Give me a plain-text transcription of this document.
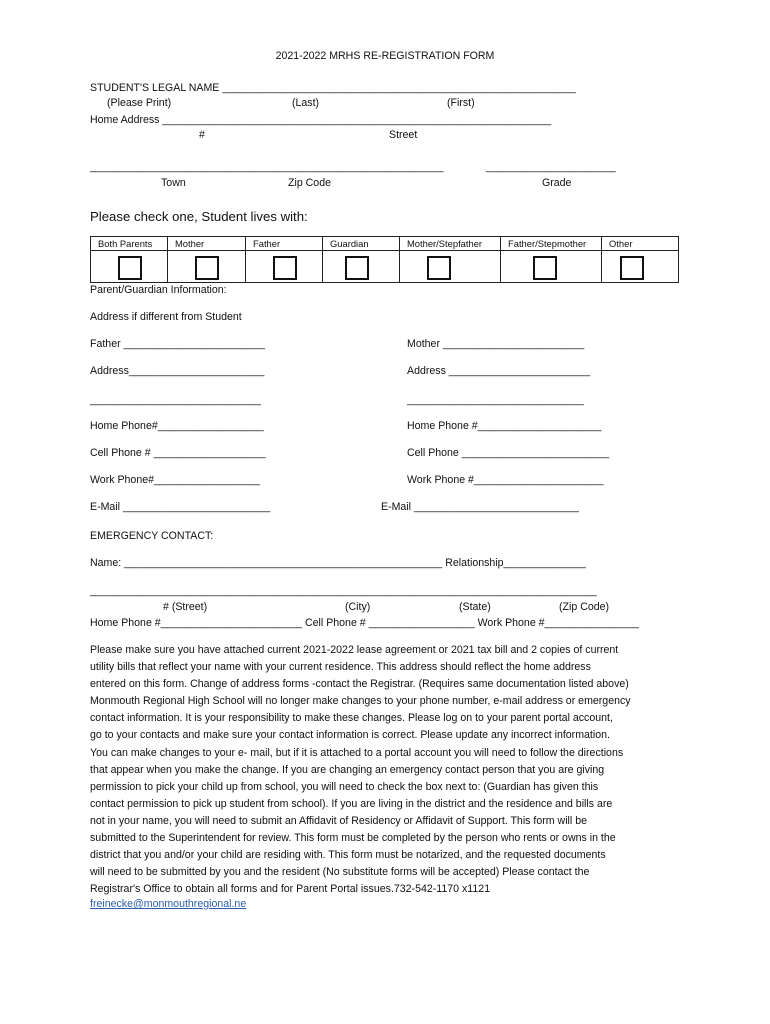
2021-2022 MRHS RE-REGISTRATION FORM
STUDENT'S LEGAL NAME ____________________________________________________________
(Please Print)	(Last)	(First)
Home Address __________________________________________________________________
#	Street
____________________________________________________________	______________________
Town	Zip Code	Grade
Please check one, Student lives with:
Both Parents	Mother	Father	Guardian	Mother/Stepfather	Father/Stepmother	Other

Parent/Guardian Information:
Address if different from Student
Father ________________________	Mother ________________________
Address_______________________	Address ________________________
_____________________________	______________________________
Home Phone#__________________	Home Phone #_____________________
Cell Phone # ___________________	Cell Phone _________________________
Work Phone#__________________	Work Phone #______________________
E-Mail _________________________	E-Mail ____________________________
EMERGENCY CONTACT:
Name: ______________________________________________________ Relationship______________
______________________________________________________________________________________
# (Street)	(City)	(State)	(Zip Code)
Home Phone #________________________ Cell Phone # __________________ Work Phone #________________
Please make sure you have attached current 2021-2022 lease agreement or 2021 tax bill and 2 copies of current
utility bills that reflect your name with your current residence. This address should reflect the home address
entered on this form. Change of address forms -contact the Registrar. (Requires same documentation listed above)
Monmouth Regional High School will no longer make changes to your phone number, e-mail address or emergency
contact information. It is your responsibility to make these changes. Please log on to your parent portal account,
go to your contacts and make sure your contact information is correct. Please update any incorrect information.
You can make changes to your e- mail, but if it is attached to a portal account you will need to follow the directions
that appear when you make the change. If you are changing an emergency contact person that you are giving
permission to pick your child up from school, you will need to check the box next to: (Guardian has given this
contact permission to pick up student from school). If you are living in the district and the residence and bills are
not in your name, you will need to submit an Affidavit of Residency or Affidavit of Support. This form will be
submitted to the Superintendent for review. This form must be completed by the person who rents or owns in the
district that you and/or your child are residing with. This form must be notarized, and the requested documents
will need to be submitted by you and the resident (No substitute forms will be accepted) Please contact the
Registrar's Office to obtain all forms and for Parent Portal issues.732-542-1170 x1121
freinecke@monmouthregional.ne
